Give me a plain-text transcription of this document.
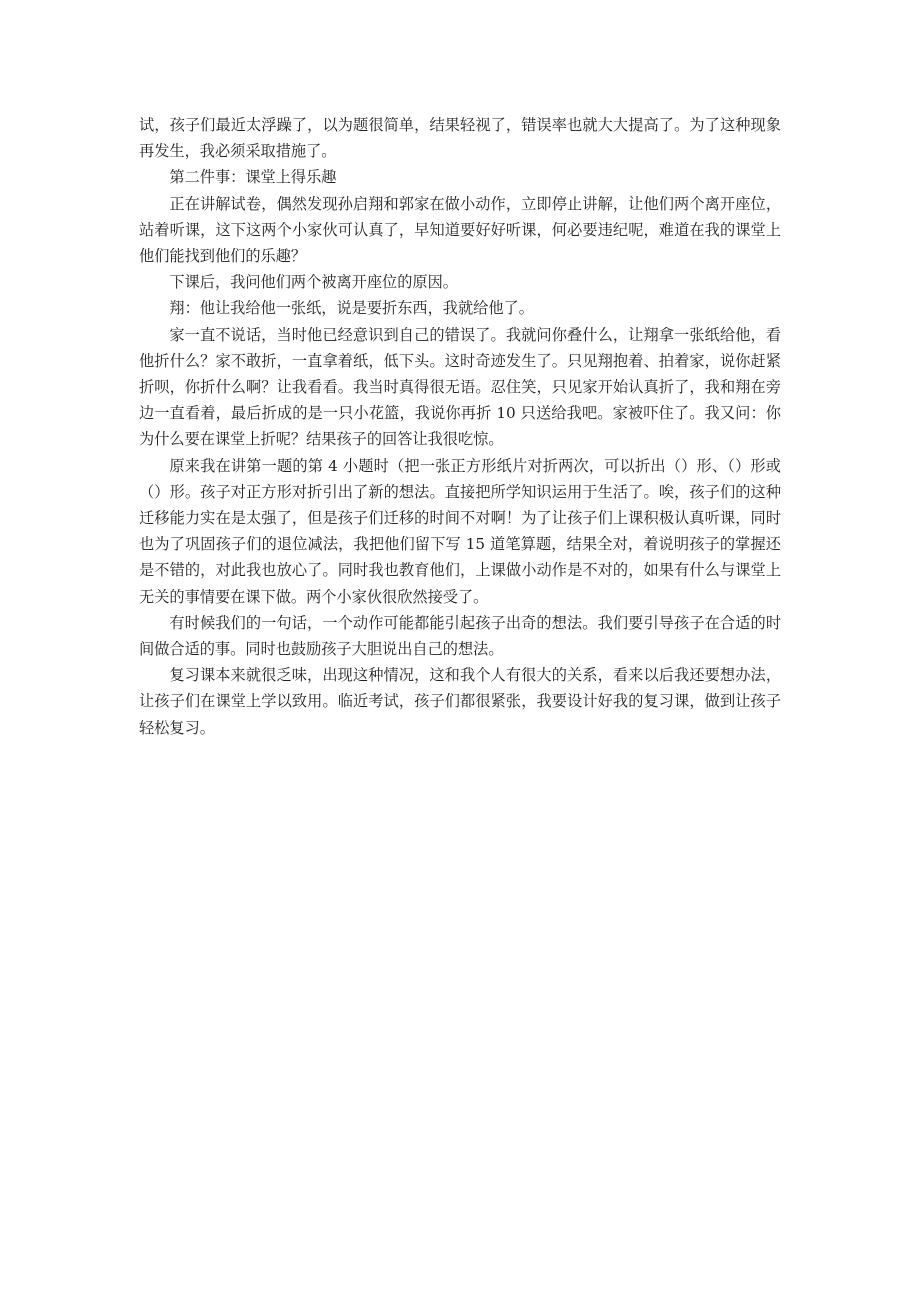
试，孩子们最近太浮躁了，以为题很简单，结果轻视了，错误率也就大大提高了。为了这种现象再发生，我必须采取措施了。

第二件事：课堂上得乐趣

正在讲解试卷，偶然发现孙启翔和郭家在做小动作，立即停止讲解，让他们两个离开座位，站着听课，这下这两个小家伙可认真了，早知道要好好听课，何必要违纪呢，难道在我的课堂上他们能找到他们的乐趣？

下课后，我问他们两个被离开座位的原因。

翔：他让我给他一张纸，说是要折东西，我就给他了。

家一直不说话，当时他已经意识到自己的错误了。我就问你叠什么，让翔拿一张纸给他，看他折什么？家不敢折，一直拿着纸，低下头。这时奇迹发生了。只见翔抱着、拍着家，说你赶紧折呗，你折什么啊？让我看看。我当时真得很无语。忍住笑，只见家开始认真折了，我和翔在旁边一直看着，最后折成的是一只小花篮，我说你再折 10 只送给我吧。家被吓住了。我又问：你为什么要在课堂上折呢？结果孩子的回答让我很吃惊。

原来我在讲第一题的第 4 小题时（把一张正方形纸片对折两次，可以折出（）形、（）形或（）形。孩子对正方形对折引出了新的想法。直接把所学知识运用于生活了。唉，孩子们的这种迁移能力实在是太强了，但是孩子们迁移的时间不对啊！为了让孩子们上课积极认真听课，同时也为了巩固孩子们的退位减法，我把他们留下写 15 道笔算题，结果全对，着说明孩子的掌握还是不错的，对此我也放心了。同时我也教育他们，上课做小动作是不对的，如果有什么与课堂上无关的事情要在课下做。两个小家伙很欣然接受了。

有时候我们的一句话，一个动作可能都能引起孩子出奇的想法。我们要引导孩子在合适的时间做合适的事。同时也鼓励孩子大胆说出自己的想法。

复习课本来就很乏味，出现这种情况，这和我个人有很大的关系，看来以后我还要想办法，让孩子们在课堂上学以致用。临近考试，孩子们都很紧张，我要设计好我的复习课，做到让孩子轻松复习。
